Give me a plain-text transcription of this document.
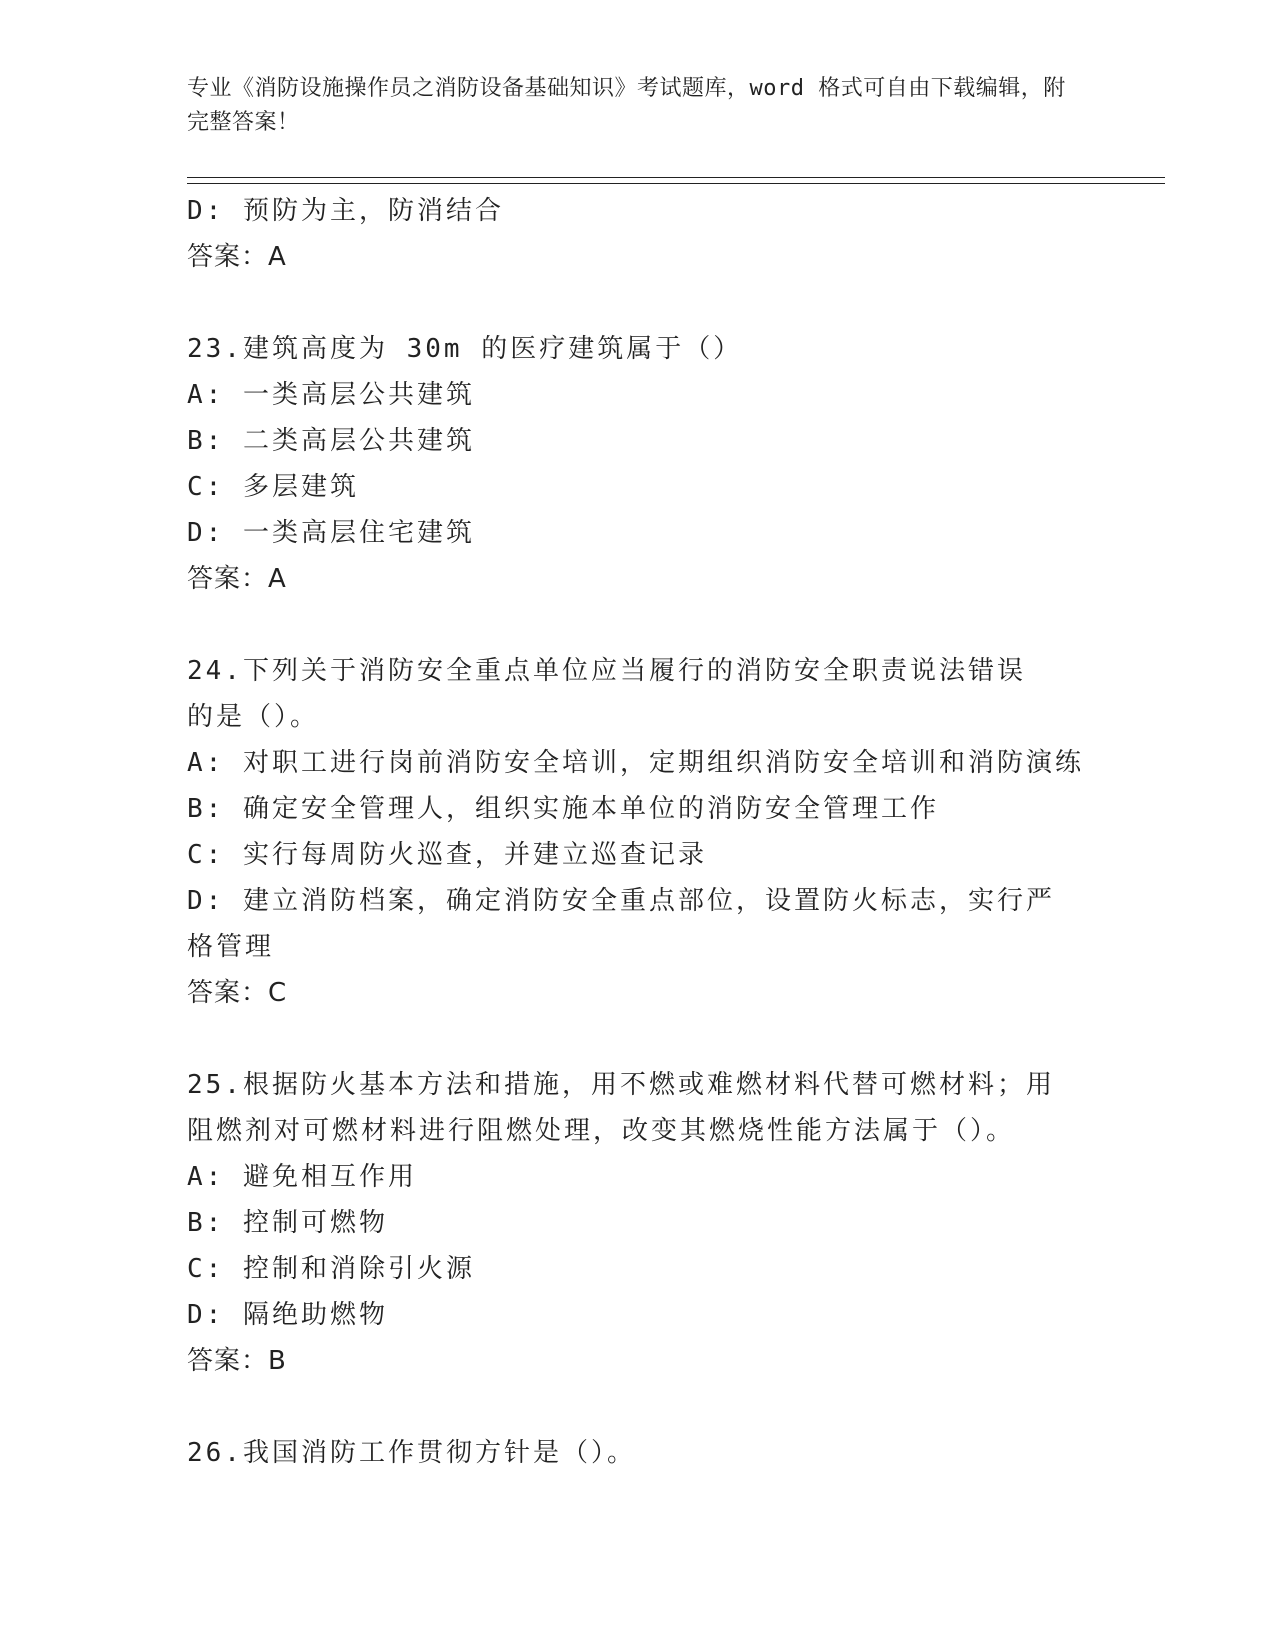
专业《消防设施操作员之消防设备基础知识》考试题库，word 格式可自由下载编辑，附完整答案！
D: 预防为主，防消结合
答案：A
23.建筑高度为 30m 的医疗建筑属于（）
A: 一类高层公共建筑
B: 二类高层公共建筑
C: 多层建筑
D: 一类高层住宅建筑
答案：A
24.下列关于消防安全重点单位应当履行的消防安全职责说法错误的是（）。
A: 对职工进行岗前消防安全培训，定期组织消防安全培训和消防演练
B: 确定安全管理人，组织实施本单位的消防安全管理工作
C: 实行每周防火巡查，并建立巡查记录
D: 建立消防档案，确定消防安全重点部位，设置防火标志，实行严格管理
答案：C
25.根据防火基本方法和措施，用不燃或难燃材料代替可燃材料；用阻燃剂对可燃材料进行阻燃处理，改变其燃烧性能方法属于（）。
A: 避免相互作用
B: 控制可燃物
C: 控制和消除引火源
D: 隔绝助燃物
答案：B
26.我国消防工作贯彻方针是（）。
